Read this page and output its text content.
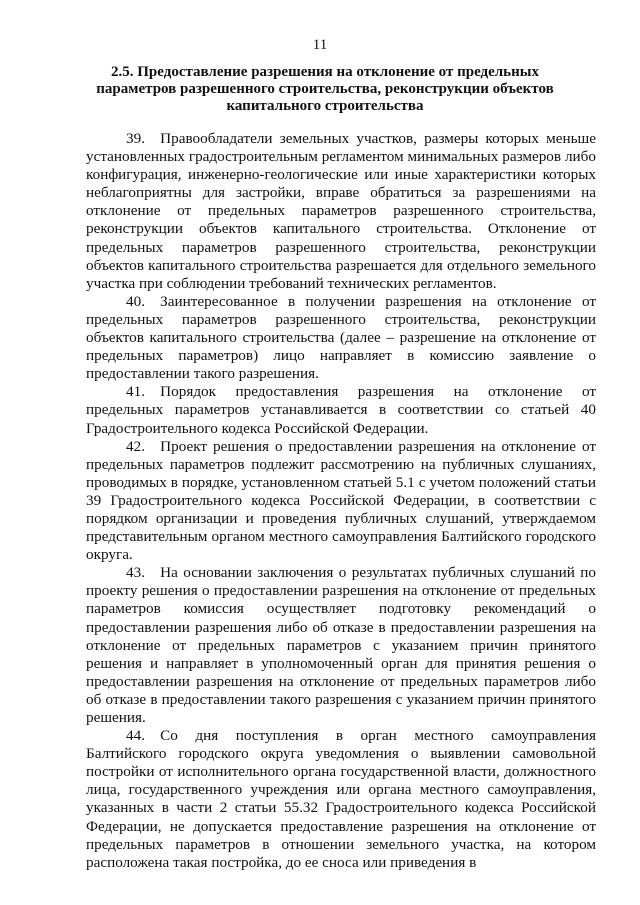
11
2.5. Предоставление разрешения на отклонение от предельных параметров разрешенного строительства, реконструкции объектов капитального строительства

39. Правообладатели земельных участков, размеры которых меньше установленных градостроительным регламентом минимальных размеров либо конфигурация, инженерно-геологические или иные характеристики которых неблагоприятны для застройки, вправе обратиться за разрешениями на отклонение от предельных параметров разрешенного строительства, реконструкции объектов капитального строительства. Отклонение от предельных параметров разрешенного строительства, реконструкции объектов капитального строительства разрешается для отдельного земельного участка при соблюдении требований технических регламентов.

40. Заинтересованное в получении разрешения на отклонение от предельных параметров разрешенного строительства, реконструкции объектов капитального строительства (далее – разрешение на отклонение от предельных параметров) лицо направляет в комиссию заявление о предоставлении такого разрешения.

41. Порядок предоставления разрешения на отклонение от предельных параметров устанавливается в соответствии со статьей 40 Градостроительного кодекса Российской Федерации.

42. Проект решения о предоставлении разрешения на отклонение от предельных параметров подлежит рассмотрению на публичных слушаниях, проводимых в порядке, установленном статьей 5.1 с учетом положений статьи 39 Градостроительного кодекса Российской Федерации, в соответствии с порядком организации и проведения публичных слушаний, утверждаемом представительным органом местного самоуправления Балтийского городского округа.

43. На основании заключения о результатах публичных слушаний по проекту решения о предоставлении разрешения на отклонение от предельных параметров комиссия осуществляет подготовку рекомендаций о предоставлении разрешения либо об отказе в предоставлении разрешения на отклонение от предельных параметров с указанием причин принятого решения и направляет в уполномоченный орган для принятия решения о предоставлении разрешения на отклонение от предельных параметров либо об отказе в предоставлении такого разрешения с указанием причин принятого решения.

44. Со дня поступления в орган местного самоуправления Балтийского городского округа уведомления о выявлении самовольной постройки от исполнительного органа государственной власти, должностного лица, государственного учреждения или органа местного самоуправления, указанных в части 2 статьи 55.32 Градостроительного кодекса Российской Федерации, не допускается предоставление разрешения на отклонение от предельных параметров в отношении земельного участка, на котором расположена такая постройка, до ее сноса или приведения в
